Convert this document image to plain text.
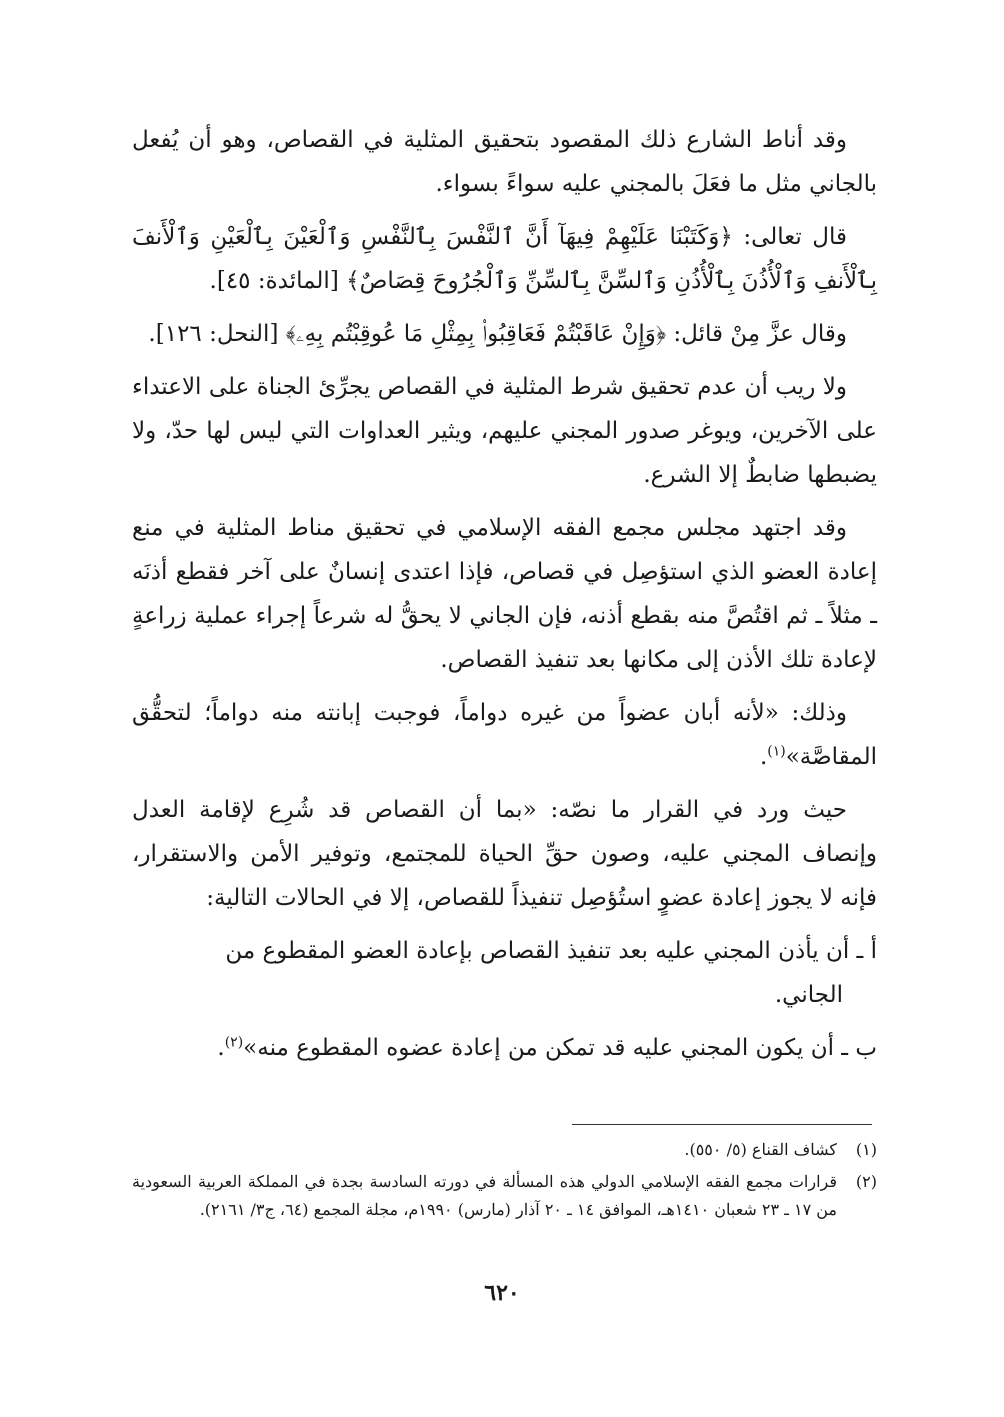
وقد أناط الشارع ذلك المقصود بتحقيق المثلية في القصاص، وهو أن يُفعل بالجاني مثل ما فعَلَ بالمجني عليه سواءً بسواء.

قال تعالى: ﴿وَكَتَبْنَا عَلَيْهِمْ فِيهَآ أَنَّ ٱلنَّفْسَ بِٱلنَّفْسِ وَٱلْعَيْنَ بِٱلْعَيْنِ وَٱلْأَنفَ بِٱلْأَنفِ وَٱلْأُذُنَ بِٱلْأُذُنِ وَٱلسِّنَّ بِٱلسِّنِّ وَٱلْجُرُوحَ قِصَاصٌ﴾ [المائدة: ٤٥].

وقال عزَّ مِنْ قائل: ﴿وَإِنْ عَاقَبْتُمْ فَعَاقِبُوا۟ بِمِثْلِ مَا عُوقِبْتُم بِهِۦ﴾ [النحل: ١٢٦].

ولا ريب أن عدم تحقيق شرط المثلية في القصاص يجرِّئ الجناة على الاعتداء على الآخرين، ويوغر صدور المجني عليهم، ويثير العداوات التي ليس لها حدّ، ولا يضبطها ضابطٌ إلا الشرع.

وقد اجتهد مجلس مجمع الفقه الإسلامي في تحقيق مناط المثلية في منع إعادة العضو الذي استؤصِل في قصاص، فإذا اعتدى إنسانٌ على آخر فقطع أذنَه ـ مثلاً ـ ثم اقتُصَّ منه بقطع أذنه، فإن الجاني لا يحقُّ له شرعاً إجراء عملية زراعةٍ لإعادة تلك الأذن إلى مكانها بعد تنفيذ القصاص.

وذلك: «لأنه أبان عضواً من غيره دواماً، فوجبت إبانته منه دواماً؛ لتحقُّق المقاصَّة»$^{(١)}$.

حيث ورد في القرار ما نصّه: «بما أن القصاص قد شُرِع لإقامة العدل وإنصاف المجني عليه، وصون حقِّ الحياة للمجتمع، وتوفير الأمن والاستقرار، فإنه لا يجوز إعادة عضوٍ استُؤصِل تنفيذاً للقصاص، إلا في الحالات التالية:

أ ـ أن يأذن المجني عليه بعد تنفيذ القصاص بإعادة العضو المقطوع من
الجاني.

ب ـ أن يكون المجني عليه قد تمكن من إعادة عضوه المقطوع منه»$^{(٢)}$.

(١)
كشاف القناع (٥/ ٥٥٠).
(٢)
قرارات مجمع الفقه الإسلامي الدولي هذه المسألة في دورته السادسة بجدة في المملكة العربية السعودية من ١٧ ـ ٢٣ شعبان ١٤١٠هـ، الموافق ١٤ ـ ٢٠ آذار (مارس) ١٩٩٠م، مجلة المجمع (٦٤، ج٣/ ٢١٦١).
٦٢٠
